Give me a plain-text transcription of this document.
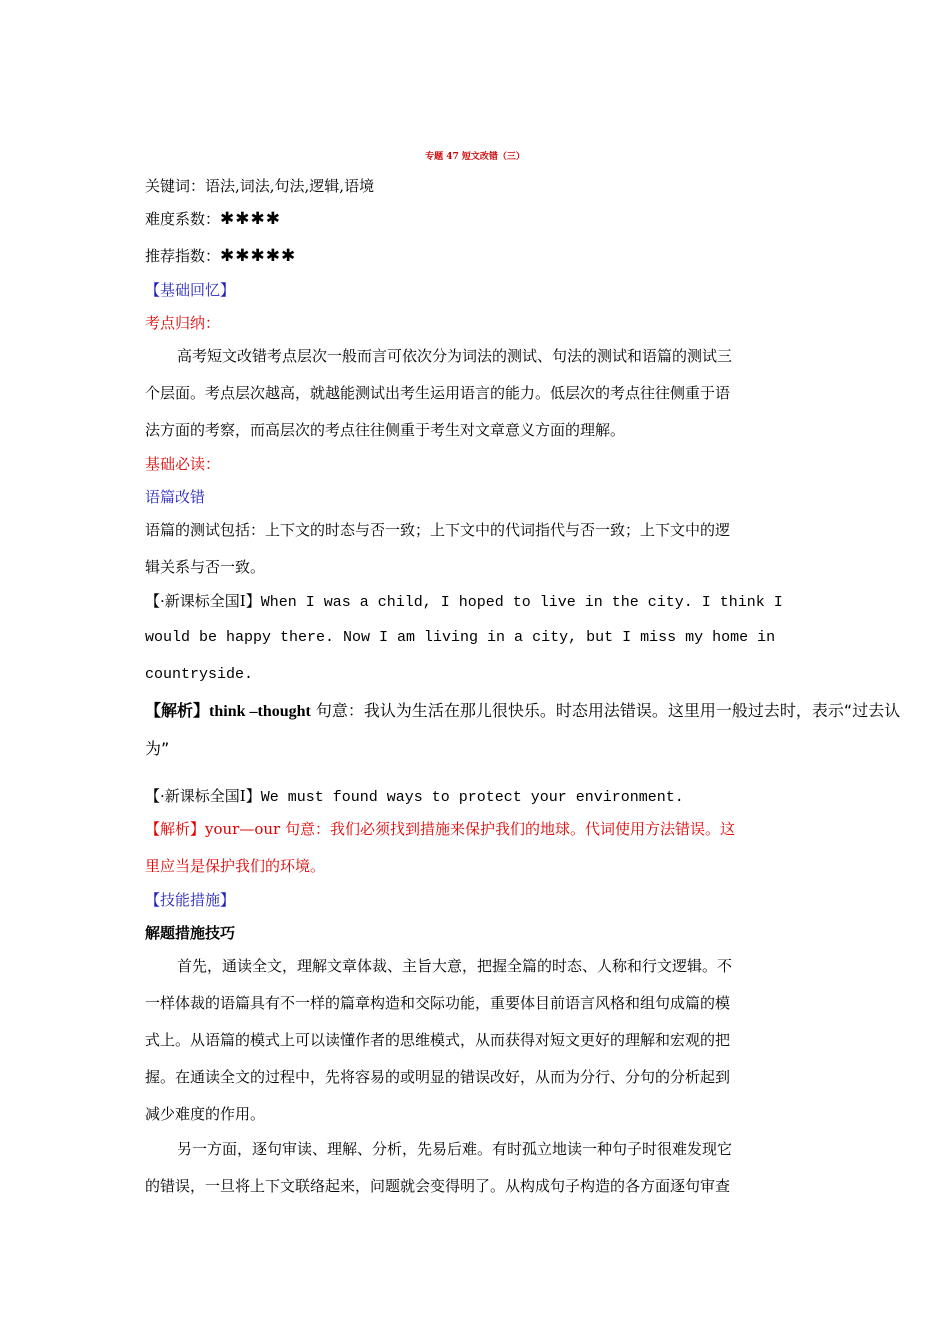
专题 47 短文改错（三）
关键词：语法,词法,句法,逻辑,语境
难度系数：✱✱✱✱
推荐指数：✱✱✱✱✱
【基础回忆】
考点归纳：
高考短文改错考点层次一般而言可依次分为词法的测试、句法的测试和语篇的测试三
个层面。考点层次越高，就越能测试出考生运用语言的能力。低层次的考点往往侧重于语
法方面的考察，而高层次的考点往往侧重于考生对文章意义方面的理解。
基础必读：
语篇改错
语篇的测试包括：上下文的时态与否一致；上下文中的代词指代与否一致；上下文中的逻
辑关系与否一致。
【·新课标全国Ⅰ】When I was a child, I hoped to live in the city. I think I
would be happy there. Now I am living in a city, but I miss my home in
countryside.
【解析】think –thought 句意：我认为生活在那儿很快乐。时态用法错误。这里用一般过去时，表示“过去认
为”
【·新课标全国Ⅰ】We must found ways to protect your environment.
【解析】your—our 句意：我们必须找到措施来保护我们的地球。代词使用方法错误。这
里应当是保护我们的环境。
【技能措施】
解题措施技巧
首先，通读全文，理解文章体裁、主旨大意，把握全篇的时态、人称和行文逻辑。不
一样体裁的语篇具有不一样的篇章构造和交际功能，重要体目前语言风格和组句成篇的模
式上。从语篇的模式上可以读懂作者的思维模式，从而获得对短文更好的理解和宏观的把
握。在通读全文的过程中，先将容易的或明显的错误改好，从而为分行、分句的分析起到
减少难度的作用。
另一方面，逐句审读、理解、分析，先易后难。有时孤立地读一种句子时很难发现它
的错误，一旦将上下文联络起来，问题就会变得明了。从构成句子构造的各方面逐句审查
